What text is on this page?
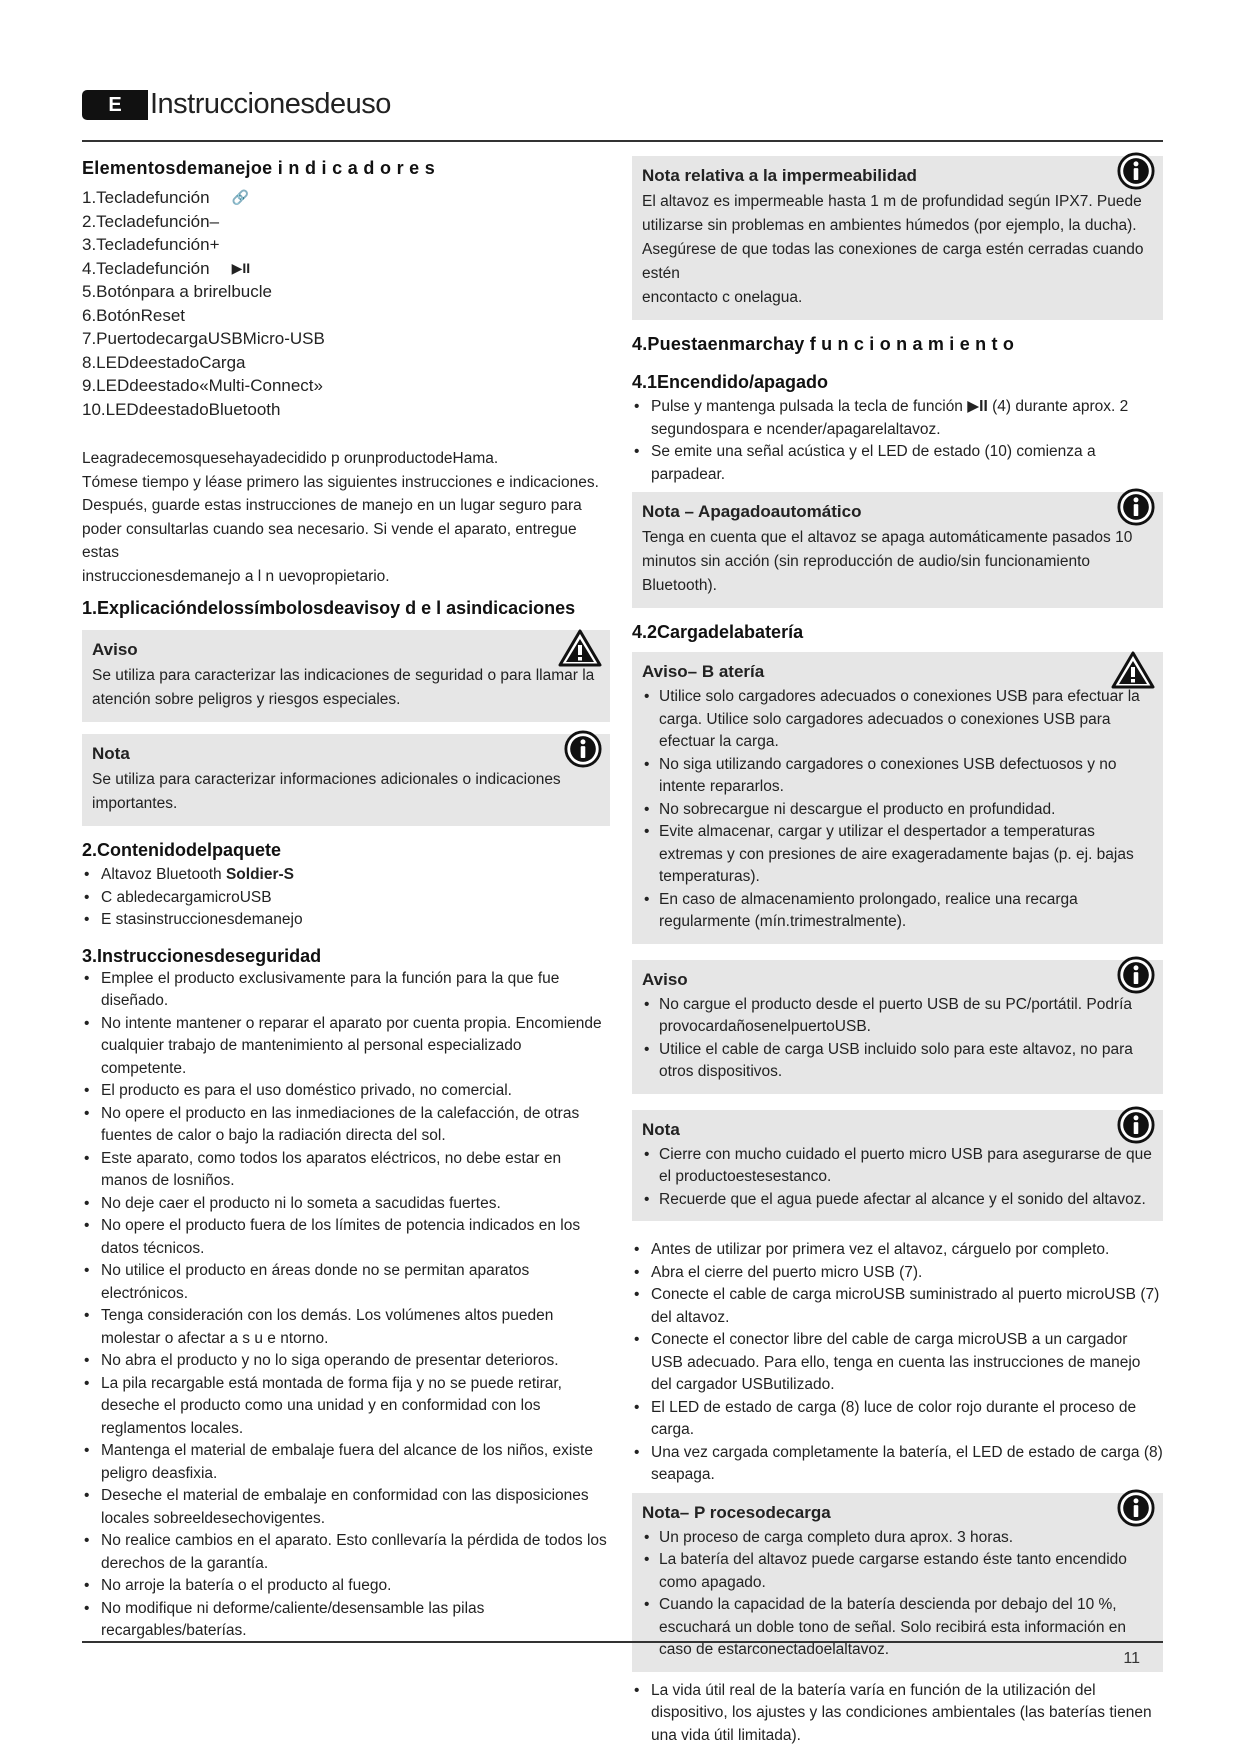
E Instruccionesdeuso
Elementosdemanejoe i n d i c a d o r e s
1.Tecladefunción 🔗
2.Tecladefunción–
3.Tecladefunción+
4.Tecladefunción ▶II
5.Botónpara a brirelbucle
6.BotónReset
7.PuertodecargaUSBMicro-USB
8.LEDdeestadoCarga
9.LEDdeestado«Multi-Connect»
10.LEDdeestadoBluetooth

Leagradecemosquesehayadecidido p orunproductodeHama.

Tómese tiempo y léase primero las siguientes instrucciones e indicaciones.

Después, guarde estas instrucciones de manejo en un lugar seguro para

poder consultarlas cuando sea necesario. Si vende el aparato, entregue estas

instruccionesdemanejo a l n uevopropietario.

1.Explicacióndelossímbolosdeavisoy d e l asindicaciones
Aviso

Se utiliza para caracterizar las indicaciones de seguridad o para llamar la

atención sobre peligros y riesgos especiales.

Nota

Se utiliza para caracterizar informaciones adicionales o indicaciones

importantes.

2.Contenidodelpaquete
• Altavoz Bluetooth Soldier-S
• C abledecargamicroUSB
• E stasinstruccionesdemanejo
3.Instruccionesdeseguridad
• Emplee el producto exclusivamente para la función para la que fue diseñado.
• No intente mantener o reparar el aparato por cuenta propia. Encomiende cualquier trabajo de mantenimiento al personal especializado competente.
• El producto es para el uso doméstico privado, no comercial.
• No opere el producto en las inmediaciones de la calefacción, de otras fuentes de calor o bajo la radiación directa del sol.
• Este aparato, como todos los aparatos eléctricos, no debe estar en manos de losniños.
• No deje caer el producto ni lo someta a sacudidas fuertes.
• No opere el producto fuera de los límites de potencia indicados en los datos técnicos.
• No utilice el producto en áreas donde no se permitan aparatos electrónicos.
• Tenga consideración con los demás. Los volúmenes altos pueden molestar o afectar a s u e ntorno.
• No abra el producto y no lo siga operando de presentar deterioros.
• La pila recargable está montada de forma fija y no se puede retirar, deseche el producto como una unidad y en conformidad con los reglamentos locales.
• Mantenga el material de embalaje fuera del alcance de los niños, existe peligro deasfixia.
• Deseche el material de embalaje en conformidad con las disposiciones locales sobreeldesechovigentes.
• No realice cambios en el aparato. Esto conllevaría la pérdida de todos los derechos de la garantía.
• No arroje la batería o el producto al fuego.
• No modifique ni deforme/caliente/desensamble las pilas recargables/baterías.
Nota relativa a la impermeabilidad

El altavoz es impermeable hasta 1 m de profundidad según IPX7. Puede

utilizarse sin problemas en ambientes húmedos (por ejemplo, la ducha).

Asegúrese de que todas las conexiones de carga estén cerradas cuando estén

encontacto c onelagua.

4.Puestaenmarchay f u n c i o n a m i e n t o
4.1Encendido/apagado
• Pulse y mantenga pulsada la tecla de función ▶II (4) durante aprox. 2 segundospara e ncender/apagarelaltavoz.
• Se emite una señal acústica y el LED de estado (10) comienza a parpadear.
Nota – Apagadoautomático

Tenga en cuenta que el altavoz se apaga automáticamente pasados 10

minutos sin acción (sin reproducción de audio/sin funcionamiento Bluetooth).

4.2Cargadelabatería
Aviso– B atería
• Utilice solo cargadores adecuados o conexiones USB para efectuar la carga. Utilice solo cargadores adecuados o conexiones USB para efectuar la carga.
• No siga utilizando cargadores o conexiones USB defectuosos y no intente repararlos.
• No sobrecargue ni descargue el producto en profundidad.
• Evite almacenar, cargar y utilizar el despertador a temperaturas extremas y con presiones de aire exageradamente bajas (p. ej. bajas temperaturas).
• En caso de almacenamiento prolongado, realice una recarga regularmente (mín.trimestralmente).
Aviso
• No cargue el producto desde el puerto USB de su PC/portátil. Podría provocardañosenelpuertoUSB.
• Utilice el cable de carga USB incluido solo para este altavoz, no para otros dispositivos.
Nota
• Cierre con mucho cuidado el puerto micro USB para asegurarse de que el productoestesestanco.
• Recuerde que el agua puede afectar al alcance y el sonido del altavoz.
• Antes de utilizar por primera vez el altavoz, cárguelo por completo.
• Abra el cierre del puerto micro USB (7).
• Conecte el cable de carga microUSB suministrado al puerto microUSB (7) del altavoz.
• Conecte el conector libre del cable de carga microUSB a un cargador USB adecuado. Para ello, tenga en cuenta las instrucciones de manejo del cargador USButilizado.
• El LED de estado de carga (8) luce de color rojo durante el proceso de carga.
• Una vez cargada completamente la batería, el LED de estado de carga (8) seapaga.
Nota– P rocesodecarga
• Un proceso de carga completo dura aprox. 3 horas.
• La batería del altavoz puede cargarse estando éste tanto encendido como apagado.
• Cuando la capacidad de la batería descienda por debajo del 10 %, escuchará un doble tono de señal. Solo recibirá esta información en caso de estarconectadoelaltavoz.
• La vida útil real de la batería varía en función de la utilización del dispositivo, los ajustes y las condiciones ambientales (las baterías tienen una vida útil limitada).
11
